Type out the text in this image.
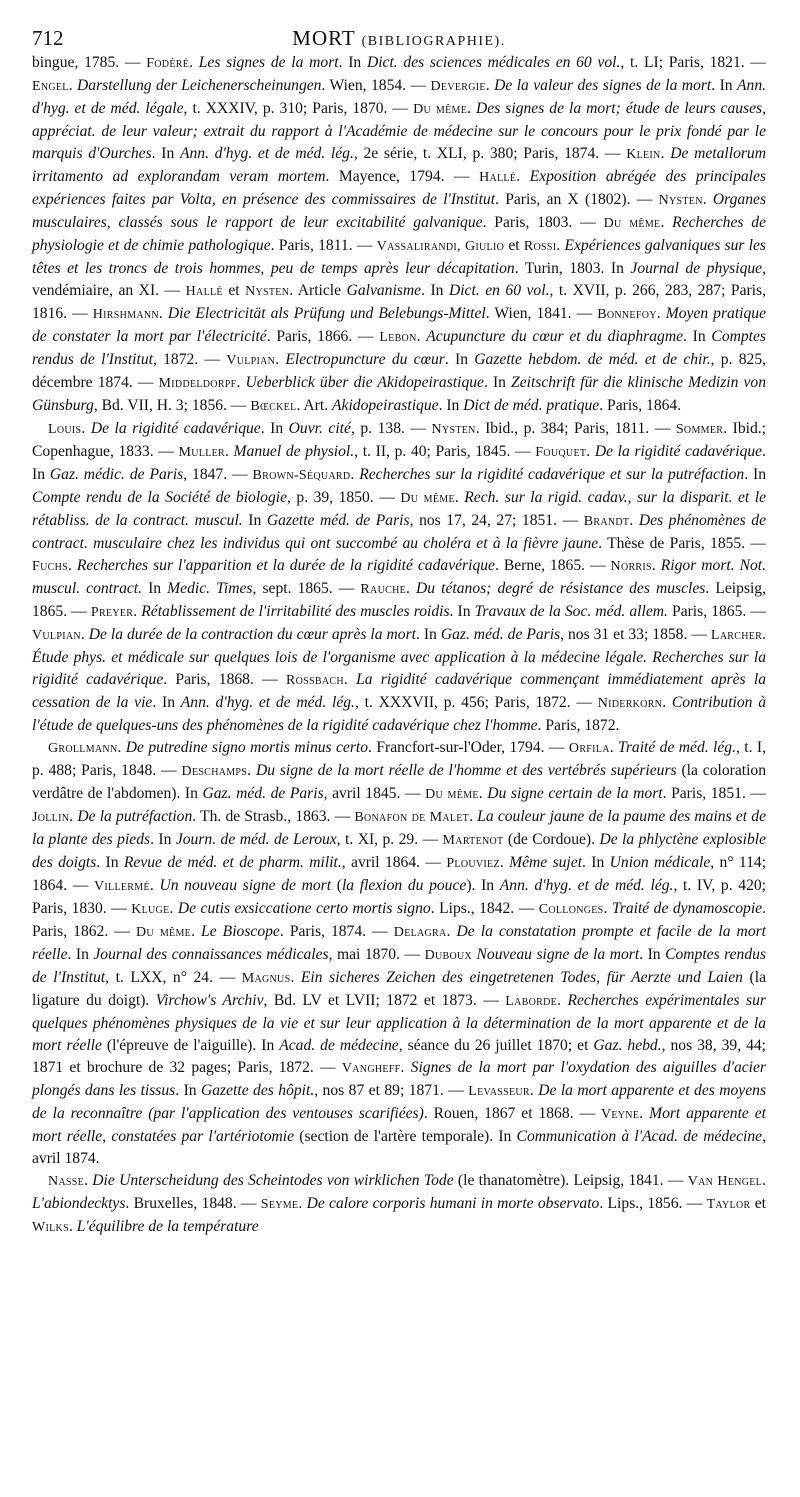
712	MORT (BIBLIOGRAPHIE).

bingue, 1785. — Fodéré. Les signes de la mort. In Dict. des sciences médicales en 60 vol., t. LI; Paris, 1821. — Engel. Darstellung der Leichenerscheinungen. Wien, 1854. — Devergie. De la valeur des signes de la mort. In Ann. d'hyg. et de méd. légale, t. XXXIV, p. 310; Paris, 1870. — Du même. Des signes de la mort; étude de leurs causes, appréciat. de leur valeur; extrait du rapport à l'Académie de médecine sur le concours pour le prix fondé par le marquis d'Ourches. In Ann. d'hyg. et de méd. lég., 2e série, t. XLI, p. 380; Paris, 1874. — Klein. De metallorum irritamento ad explorandam veram mortem. Mayence, 1794. — Hallé. Exposition abrégée des principales expériences faites par Volta, en présence des commissaires de l'Institut. Paris, an X (1802). — Nysten. Organes musculaires, classés sous le rapport de leur excitabilité galvanique. Paris, 1803. — Du même. Recherches de physiologie et de chimie pathologique. Paris, 1811. — Vassalirandi, Giulio et Rossi. Expériences galvaniques sur les têtes et les troncs de trois hommes, peu de temps après leur décapitation. Turin, 1803. In Journal de physique, vendémiaire, an XI. — Hallé et Nysten. Article Galvanisme. In Dict. en 60 vol., t. XVII, p. 266, 283, 287; Paris, 1816. — Hirshmann. Die Electricität als Prüfung und Belebungs-Mittel. Wien, 1841. — Bonnefoy. Moyen pratique de constater la mort par l'électricité. Paris, 1866. — Lebon. Acupuncture du cœur et du diaphragme. In Comptes rendus de l'Institut, 1872. — Vulpian. Electropuncture du cœur. In Gazette hebdom. de méd. et de chir., p. 825, décembre 1874. — Middeldorpf. Ueberblick über die Akidopeirastique. In Zeitschrift für die klinische Medizin von Günsburg, Bd. VII, H. 3; 1856. — Bœckel. Art. Akidopeirastique. In Dict de méd. pratique. Paris, 1864.

Louis. De la rigidité cadavérique. In Ouvr. cité, p. 138. — Nysten. Ibid., p. 384; Paris, 1811. — Sommer. Ibid.; Copenhague, 1833. — Muller. Manuel de physiol., t. II, p. 40; Paris, 1845. — Fouquet. De la rigidité cadavérique. In Gaz. médic. de Paris, 1847. — Brown-Séquard. Recherches sur la rigidité cadavérique et sur la putréfaction. In Compte rendu de la Société de biologie, p. 39, 1850. — Du même. Rech. sur la rigid. cadav., sur la disparit. et le rétabliss. de la contract. muscul. In Gazette méd. de Paris, nos 17, 24, 27; 1851. — Brandt. Des phénomènes de contract. musculaire chez les individus qui ont succombé au choléra et à la fièvre jaune. Thèse de Paris, 1855. — Fuchs. Recherches sur l'apparition et la durée de la rigidité cadavérique. Berne, 1865. — Norris. Rigor mort. Not. muscul. contract. In Medic. Times, sept. 1865. — Rauche. Du tétanos; degré de résistance des muscles. Leipsig, 1865. — Preyer. Rétablissement de l'irritabilité des muscles roidis. In Travaux de la Soc. méd. allem. Paris, 1865. — Vulpian. De la durée de la contraction du cœur après la mort. In Gaz. méd. de Paris, nos 31 et 33; 1858. — Larcher. Étude phys. et médicale sur quelques lois de l'organisme avec application à la médecine légale. Recherches sur la rigidité cadavérique. Paris, 1868. — Rossbach. La rigidité cadavérique commençant immédiatement après la cessation de la vie. In Ann. d'hyg. et de méd. lég., t. XXXVII, p. 456; Paris, 1872. — Niderkorn. Contribution à l'étude de quelques-uns des phénomènes de la rigidité cadavérique chez l'homme. Paris, 1872.

Grollmann. De putredine signo mortis minus certo. Francfort-sur-l'Oder, 1794. — Orfila. Traité de méd. lég., t. I, p. 488; Paris, 1848. — Deschamps. Du signe de la mort réelle de l'homme et des vertébrés supérieurs (la coloration verdâtre de l'abdomen). In Gaz. méd. de Paris, avril 1845. — Du même. Du signe certain de la mort. Paris, 1851. — Jollin. De la putréfaction. Th. de Strasb., 1863. — Bonafon de Malet. La couleur jaune de la paume des mains et de la plante des pieds. In Journ. de méd. de Leroux, t. XI, p. 29. — Martenot (de Cordoue). De la phlyctène explosible des doigts. In Revue de méd. et de pharm. milit., avril 1864. — Plouviez. Même sujet. In Union médicale, n° 114; 1864. — Villermé. Un nouveau signe de mort (la flexion du pouce). In Ann. d'hyg. et de méd. lég., t. IV, p. 420; Paris, 1830. — Kluge. De cutis exsiccatione certo mortis signo. Lips., 1842. — Collonges. Traité de dynamoscopie. Paris, 1862. — Du même. Le Bioscope. Paris, 1874. — Delagra. De la constatation prompte et facile de la mort réelle. In Journal des connaissances médicales, mai 1870. — Duboux Nouveau signe de la mort. In Comptes rendus de l'Institut, t. LXX, n° 24. — Magnus. Ein sicheres Zeichen des eingetretenen Todes, für Aerzte und Laien (la ligature du doigt). Virchow's Archiv, Bd. LV et LVII; 1872 et 1873. — Laborde. Recherches expérimentales sur quelques phénomènes physiques de la vie et sur leur application à la détermination de la mort apparente et de la mort réelle (l'épreuve de l'aiguille). In Acad. de médecine, séance du 26 juillet 1870; et Gaz. hebd., nos 38, 39, 44; 1871 et brochure de 32 pages; Paris, 1872. — Vangheff. Signes de la mort par l'oxydation des aiguilles d'acier plongés dans les tissus. In Gazette des hôpit., nos 87 et 89; 1871. — Levasseur. De la mort apparente et des moyens de la reconnaître (par l'application des ventouses scarifiées). Rouen, 1867 et 1868. — Veyne. Mort apparente et mort réelle, constatées par l'artériotomie (section de l'artère temporale). In Communication à l'Acad. de médecine, avril 1874.

Nasse. Die Unterscheidung des Scheintodes von wirklichen Tode (le thanatomètre). Leipsig, 1841. — Van Hengel. L'abiondecktys. Bruxelles, 1848. — Seyme. De calore corporis humani in morte observato. Lips., 1856. — Taylor et Wilks. L'équilibre de la température
